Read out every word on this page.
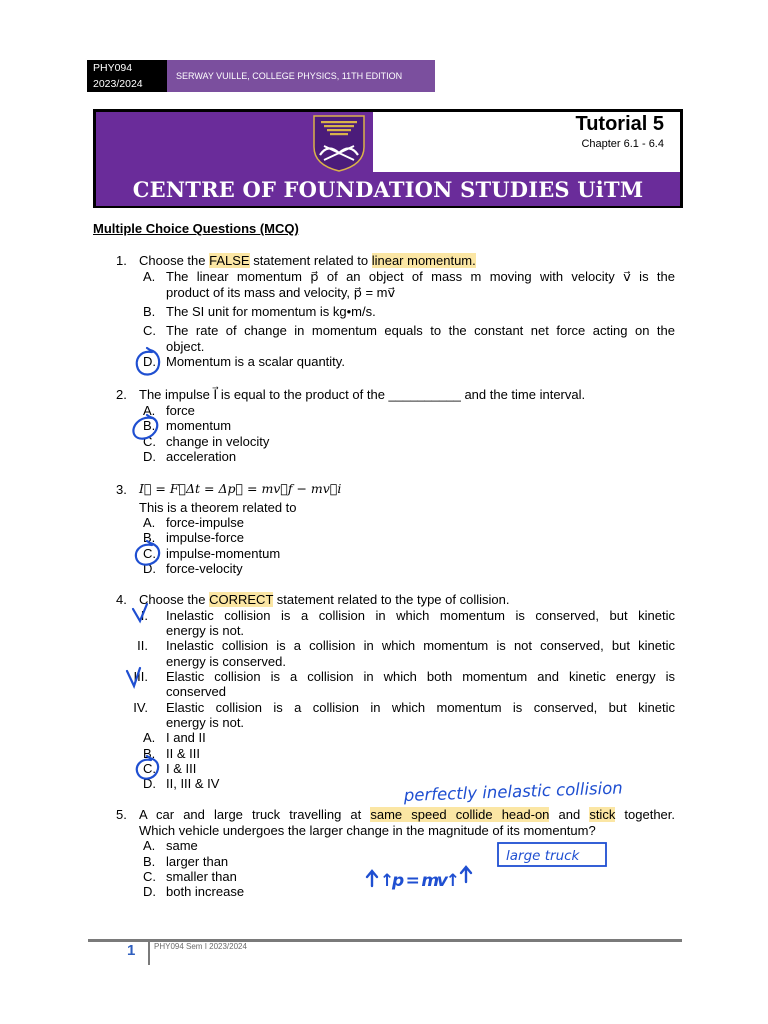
PHY094
2023/2024
SERWAY VUILLE, COLLEGE PHYSICS, 11TH EDITION
Tutorial 5
Chapter 6.1 - 6.4
CENTRE OF FOUNDATION STUDIES UiTM
Multiple Choice Questions (MCQ)
1. Choose the FALSE statement related to linear momentum.
A. The linear momentum p⃗ of an object of mass m moving with velocity v⃗ is the
product of its mass and velocity, p⃗ = mv⃗
B. The SI unit for momentum is kg•m/s.
C. The rate of change in momentum equals to the constant net force acting on the
object.
D. Momentum is a scalar quantity.
2. The impulse I⃗ is equal to the product of the __________ and the time interval.
A. force
B. momentum
C. change in velocity
D. acceleration
3. I⃗ = F⃗Δt = Δp⃗ = mv⃗f − mv⃗i
This is a theorem related to
A. force-impulse
B. impulse-force
C. impulse-momentum
D. force-velocity
4. Choose the CORRECT statement related to the type of collision.
I. Inelastic collision is a collision in which momentum is conserved, but kinetic
energy is not.
II. Inelastic collision is a collision in which momentum is not conserved, but kinetic
energy is conserved.
III. Elastic collision is a collision in which both momentum and kinetic energy is
conserved
IV. Elastic collision is a collision in which momentum is conserved, but kinetic
energy is not.
A. I and II
B. II & III
C. I & III
D. II, III & IV
5. A car and large truck travelling at same speed collide head-on and stick together.
Which vehicle undergoes the larger change in the magnitude of its momentum?
A. same
B. larger than
C. smaller than
D. both increase
perfectly inelastic collision
large truck
↑p = mv↑
1 PHY094 Sem I 2023/2024
